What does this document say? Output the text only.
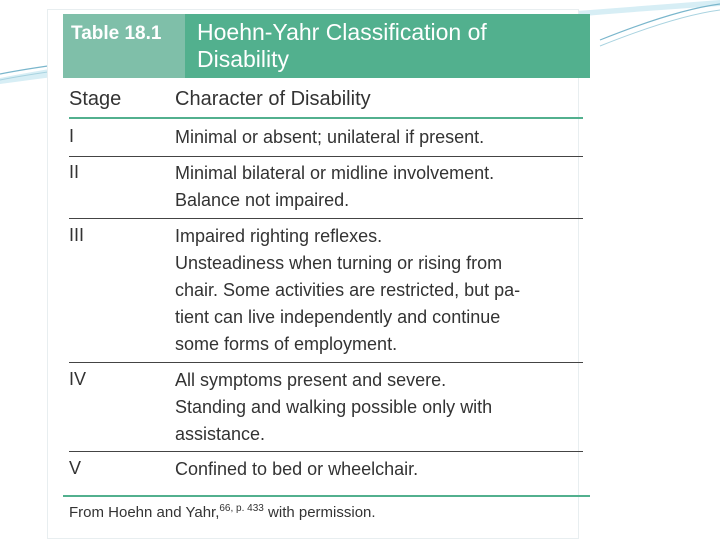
Table 18.1	Hoehn-Yahr Classification of Disability
Stage	Character of Disability
I	Minimal or absent; unilateral if present.
II	Minimal bilateral or midline involvement.
Balance not impaired.
III	Impaired righting reflexes.
Unsteadiness when turning or rising from
chair. Some activities are restricted, but pa-
tient can live independently and continue
some forms of employment.
IV	All symptoms present and severe.
Standing and walking possible only with
assistance.
V	Confined to bed or wheelchair.
From Hoehn and Yahr,$^{66, p. 433}$ with permission.
